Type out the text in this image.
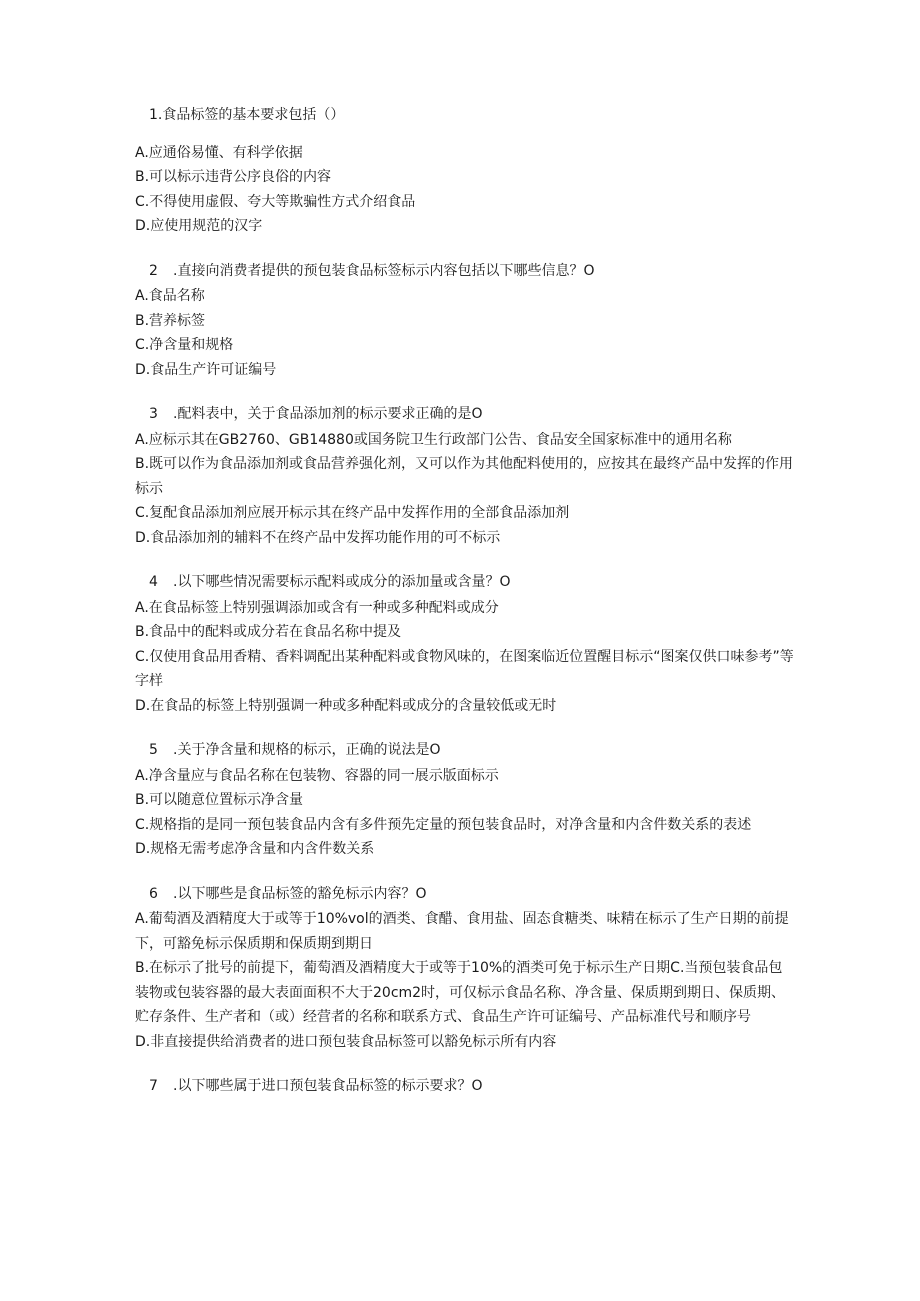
1. 食品标签的基本要求包括（）
A.应通俗易懂、有科学依据
B.可以标示违背公序良俗的内容
C.不得使用虚假、夸大等欺骗性方式介绍食品
D.应使用规范的汉字
2	.直接向消费者提供的预包装食品标签标示内容包括以下哪些信息？O
A.食品名称
B.营养标签
C.净含量和规格
D.食品生产许可证编号
3	.配料表中，关于食品添加剂的标示要求正确的是O
A.应标示其在GB2760、GB14880或国务院卫生行政部门公告、食品安全国家标准中的通用名称
B.既可以作为食品添加剂或食品营养强化剂，又可以作为其他配料使用的，应按其在最终产品中发挥的作用标示
C.复配食品添加剂应展开标示其在终产品中发挥作用的全部食品添加剂
D.食品添加剂的辅料不在终产品中发挥功能作用的可不标示
4	.以下哪些情况需要标示配料或成分的添加量或含量？O
A.在食品标签上特别强调添加或含有一种或多种配料或成分
B.食品中的配料或成分若在食品名称中提及
C.仅使用食品用香精、香料调配出某种配料或食物风味的，在图案临近位置醒目标示“图案仅供口味参考”等字样
D.在食品的标签上特别强调一种或多种配料或成分的含量较低或无时
5	.关于净含量和规格的标示，正确的说法是O
A.净含量应与食品名称在包装物、容器的同一展示版面标示
B.可以随意位置标示净含量
C.规格指的是同一预包装食品内含有多件预先定量的预包装食品时，对净含量和内含件数关系的表述
D.规格无需考虑净含量和内含件数关系
6	.以下哪些是食品标签的豁免标示内容？O
A.葡萄酒及酒精度大于或等于10%vol的酒类、食醋、食用盐、固态食糖类、味精在标示了生产日期的前提下，可豁免标示保质期和保质期到期日
B.在标示了批号的前提下，葡萄酒及酒精度大于或等于10%的酒类可免于标示生产日期C.当预包装食品包装物或包装容器的最大表面面积不大于20cm2时，可仅标示食品名称、净含量、保质期到期日、保质期、贮存条件、生产者和（或）经营者的名称和联系方式、食品生产许可证编号、产品标准代号和顺序号
D.非直接提供给消费者的进口预包装食品标签可以豁免标示所有内容
7	.以下哪些属于进口预包装食品标签的标示要求？O
